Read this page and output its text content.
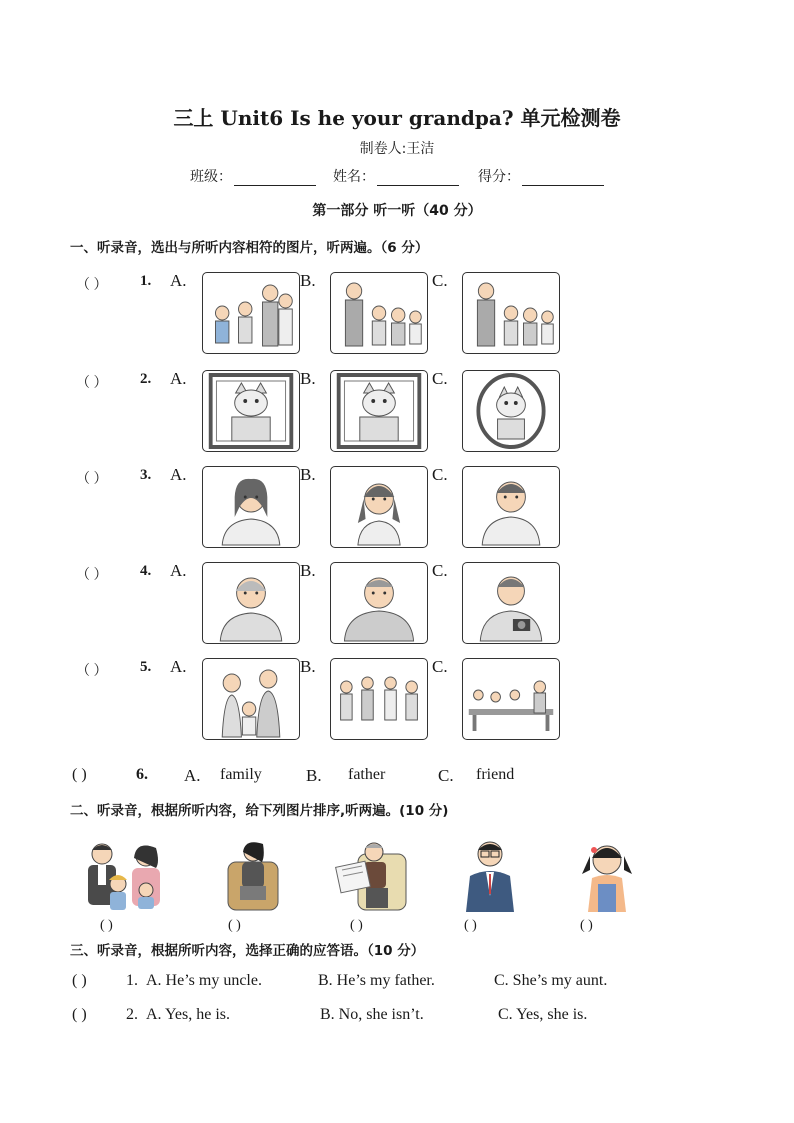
三上 Unit6 Is he your grandpa? 单元检测卷
制卷人:王洁
班级：	姓名：	得分：
第一部分 听一听（40 分）
一、听录音，选出与所听内容相符的图片，听两遍。（6 分）
( )	6. A. family	B. father	C. friend
二、听录音，根据所听内容，给下列图片排序,听两遍。(10 分)
( )	( )	( )	( )	( )
三、听录音，根据所听内容，选择正确的应答语。（10 分）
( ) 1. A. He’s my uncle.	B. He’s my father.	C. She’s my aunt.
( ) 2. A. Yes, he is.	B. No, she isn’t.	C. Yes, she is.
（ ） 1. A.	B.	C.
（ ） 2. A.	B.	C.
（ ） 3. A.	B.	C.
（ ） 4. A.	B.	C.
（ ） 5. A.	B.	C.
